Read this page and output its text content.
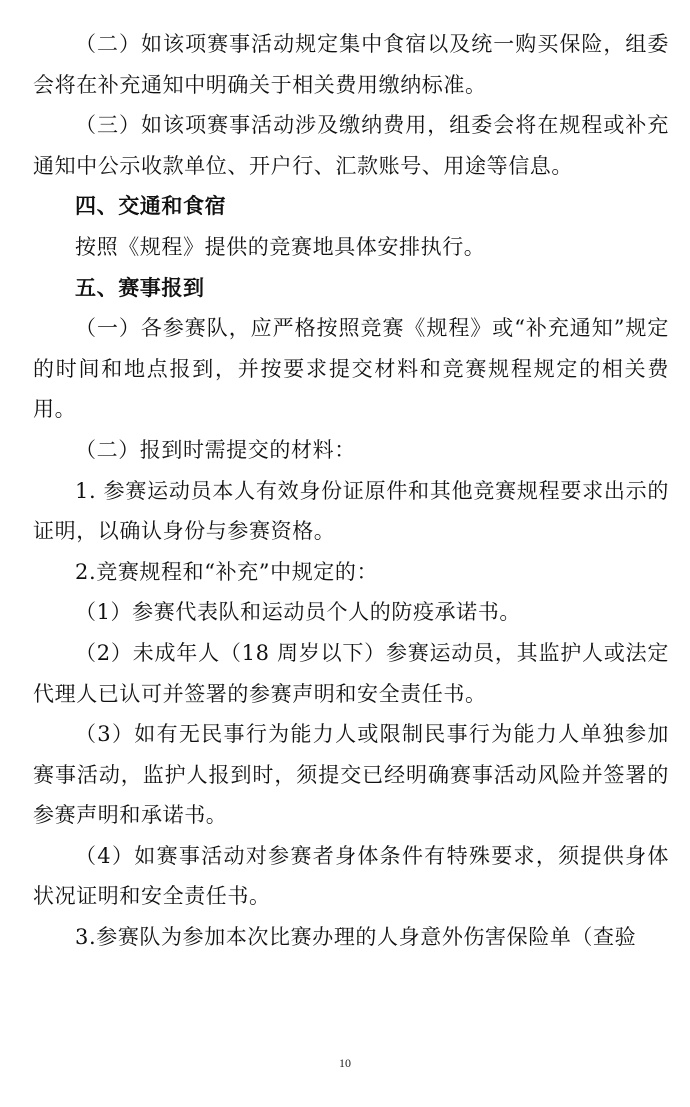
（二）如该项赛事活动规定集中食宿以及统一购买保险，组委会将在补充通知中明确关于相关费用缴纳标准。

（三）如该项赛事活动涉及缴纳费用，组委会将在规程或补充通知中公示收款单位、开户行、汇款账号、用途等信息。

四、交通和食宿

按照《规程》提供的竞赛地具体安排执行。

五、赛事报到

（一）各参赛队，应严格按照竞赛《规程》或“补充通知”规定的时间和地点报到，并按要求提交材料和竞赛规程规定的相关费用。

（二）报到时需提交的材料：

1. 参赛运动员本人有效身份证原件和其他竞赛规程要求出示的证明，以确认身份与参赛资格。

2.竞赛规程和“补充”中规定的：

（1）参赛代表队和运动员个人的防疫承诺书。

（2）未成年人（18 周岁以下）参赛运动员，其监护人或法定代理人已认可并签署的参赛声明和安全责任书。

（3）如有无民事行为能力人或限制民事行为能力人单独参加赛事活动，监护人报到时，须提交已经明确赛事活动风险并签署的参赛声明和承诺书。

（4）如赛事活动对参赛者身体条件有特殊要求，须提供身体状况证明和安全责任书。

3.参赛队为参加本次比赛办理的人身意外伤害保险单（查验

10
